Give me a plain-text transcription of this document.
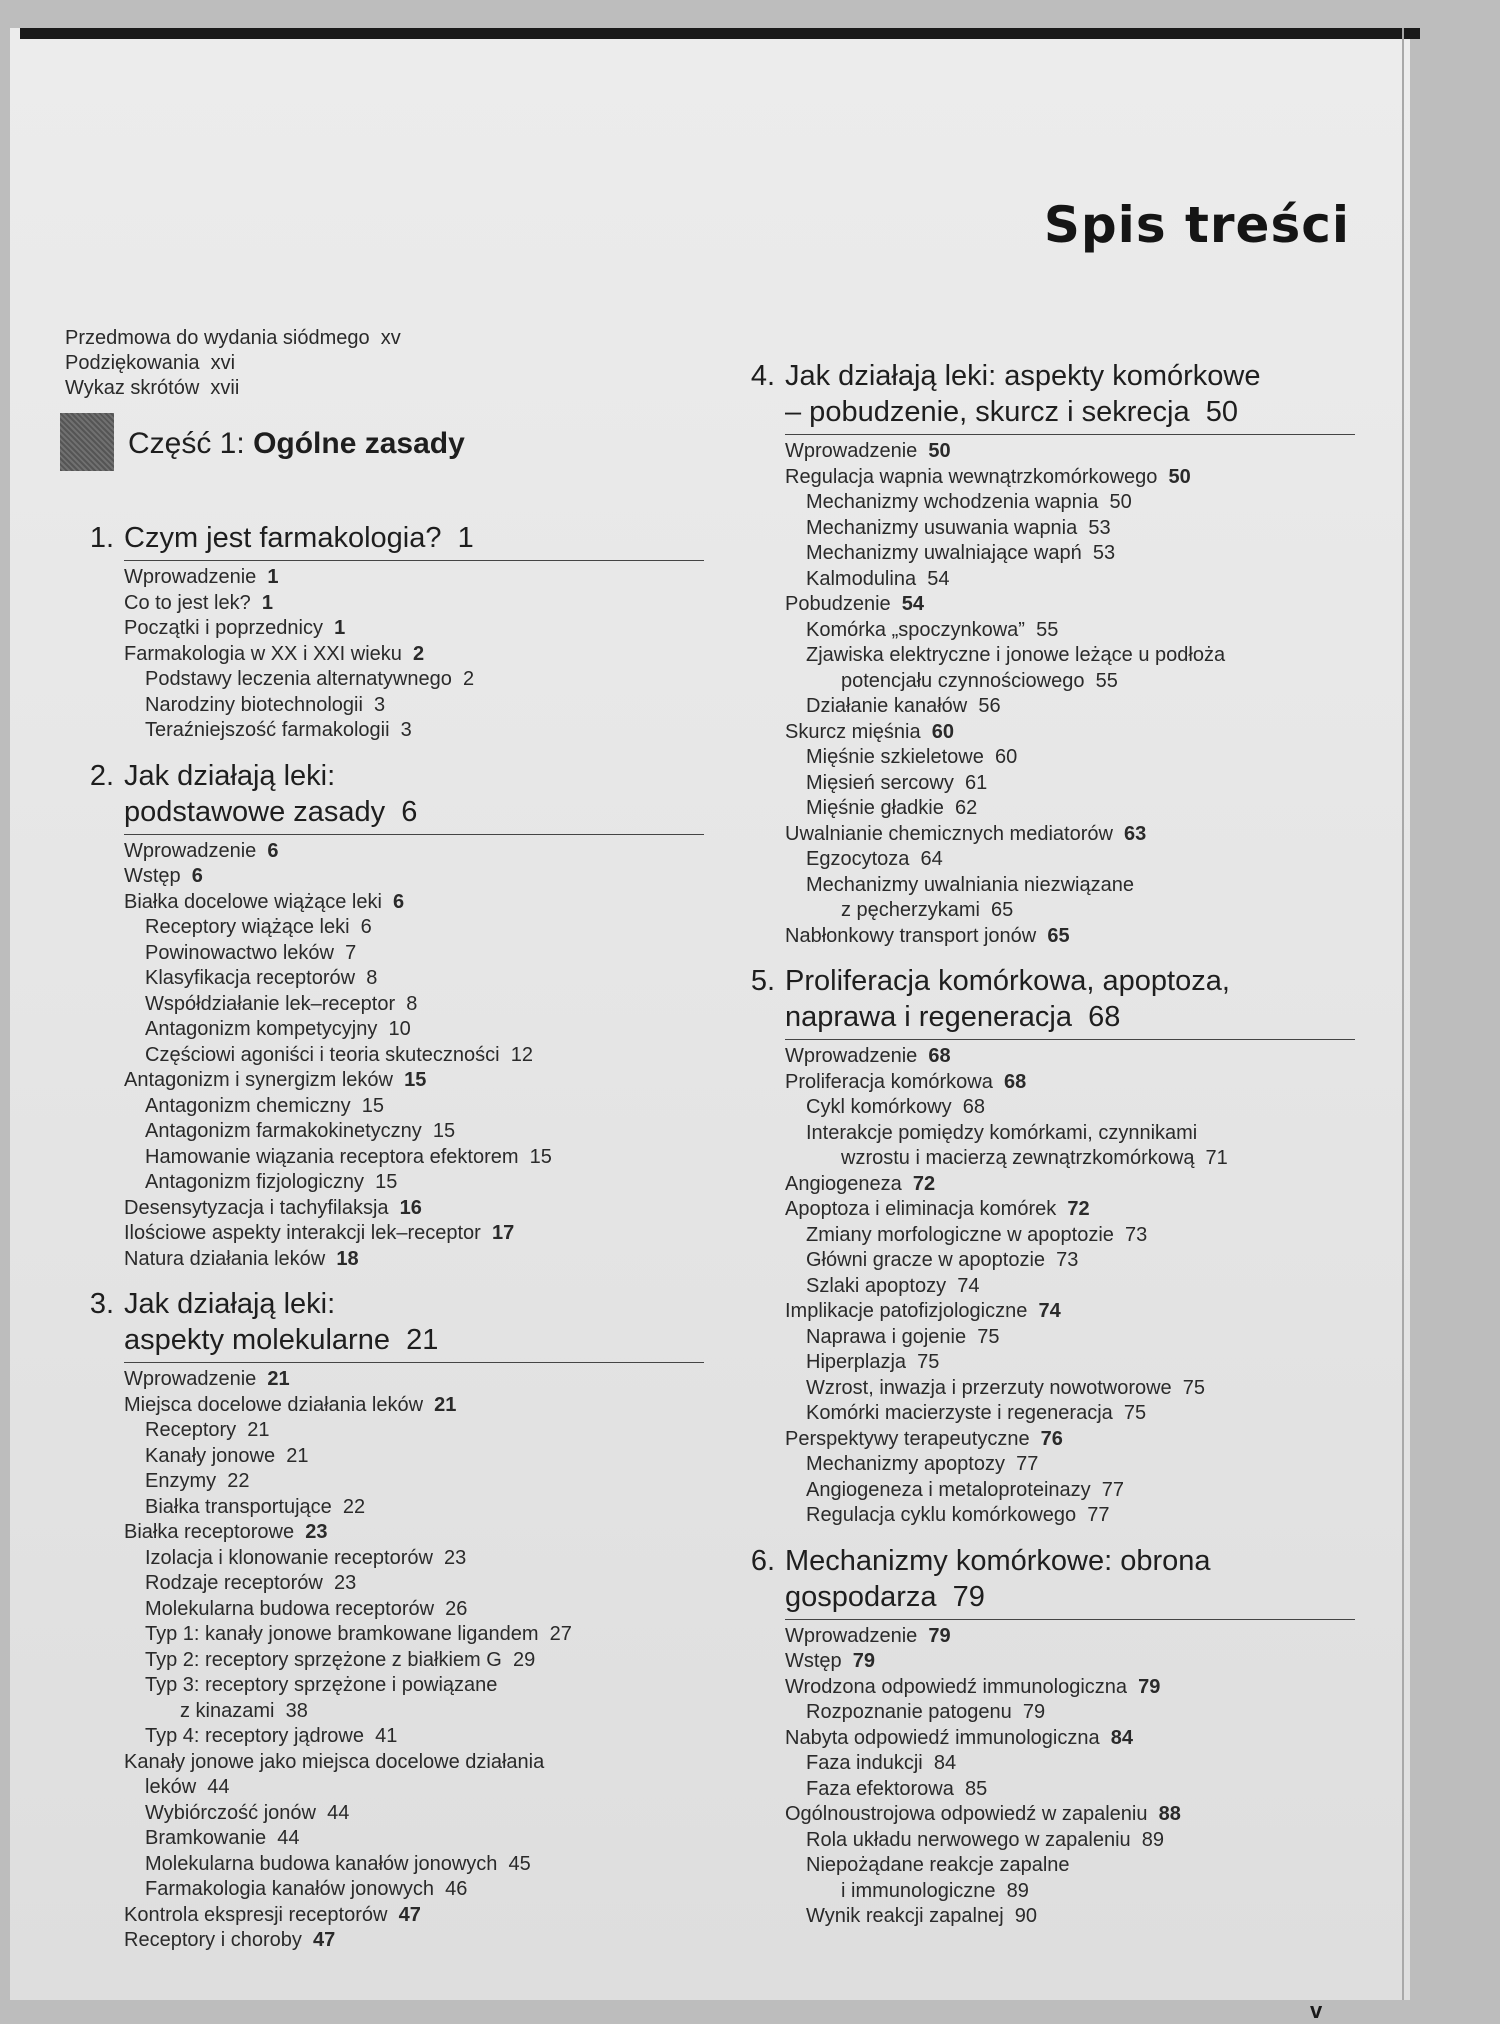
Spis treści
Przedmowa do wydania siódmego  xv
Podziękowania  xvi
Wykaz skrótów  xvii
Część 1: Ogólne zasady
1. Czym jest farmakologia?  1
Wprowadzenie  1
Co to jest lek?  1
Początki i poprzednicy  1
Farmakologia w XX i XXI wieku  2
Podstawy leczenia alternatywnego  2
Narodziny biotechnologii  3
Teraźniejszość farmakologii  3
2. Jak działają leki:
podstawowe zasady  6
Wprowadzenie  6
Wstęp  6
Białka docelowe wiążące leki  6
Receptory wiążące leki  6
Powinowactwo leków  7
Klasyfikacja receptorów  8
Współdziałanie lek–receptor  8
Antagonizm kompetycyjny  10
Częściowi agoniści i teoria skuteczności  12
Antagonizm i synergizm leków  15
Antagonizm chemiczny  15
Antagonizm farmakokinetyczny  15
Hamowanie wiązania receptora efektorem  15
Antagonizm fizjologiczny  15
Desensytyzacja i tachyfilaksja  16
Ilościowe aspekty interakcji lek–receptor  17
Natura działania leków  18
3. Jak działają leki:
aspekty molekularne  21
Wprowadzenie  21
Miejsca docelowe działania leków  21
Receptory  21
Kanały jonowe  21
Enzymy  22
Białka transportujące  22
Białka receptorowe  23
Izolacja i klonowanie receptorów  23
Rodzaje receptorów  23
Molekularna budowa receptorów  26
Typ 1: kanały jonowe bramkowane ligandem  27
Typ 2: receptory sprzężone z białkiem G  29
Typ 3: receptory sprzężone i powiązane
z kinazami  38
Typ 4: receptory jądrowe  41
Kanały jonowe jako miejsca docelowe działania
leków  44
Wybiórczość jonów  44
Bramkowanie  44
Molekularna budowa kanałów jonowych  45
Farmakologia kanałów jonowych  46
Kontrola ekspresji receptorów  47
Receptory i choroby  47
4. Jak działają leki: aspekty komórkowe
– pobudzenie, skurcz i sekrecja  50
Wprowadzenie  50
Regulacja wapnia wewnątrzkomórkowego  50
Mechanizmy wchodzenia wapnia  50
Mechanizmy usuwania wapnia  53
Mechanizmy uwalniające wapń  53
Kalmodulina  54
Pobudzenie  54
Komórka „spoczynkowa”  55
Zjawiska elektryczne i jonowe leżące u podłoża
potencjału czynnościowego  55
Działanie kanałów  56
Skurcz mięśnia  60
Mięśnie szkieletowe  60
Mięsień sercowy  61
Mięśnie gładkie  62
Uwalnianie chemicznych mediatorów  63
Egzocytoza  64
Mechanizmy uwalniania niezwiązane
z pęcherzykami  65
Nabłonkowy transport jonów  65
5. Proliferacja komórkowa, apoptoza,
naprawa i regeneracja  68
Wprowadzenie  68
Proliferacja komórkowa  68
Cykl komórkowy  68
Interakcje pomiędzy komórkami, czynnikami
wzrostu i macierzą zewnątrzkomórkową  71
Angiogeneza  72
Apoptoza i eliminacja komórek  72
Zmiany morfologiczne w apoptozie  73
Główni gracze w apoptozie  73
Szlaki apoptozy  74
Implikacje patofizjologiczne  74
Naprawa i gojenie  75
Hiperplazja  75
Wzrost, inwazja i przerzuty nowotworowe  75
Komórki macierzyste i regeneracja  75
Perspektywy terapeutyczne  76
Mechanizmy apoptozy  77
Angiogeneza i metaloproteinazy  77
Regulacja cyklu komórkowego  77
6. Mechanizmy komórkowe: obrona
gospodarza  79
Wprowadzenie  79
Wstęp  79
Wrodzona odpowiedź immunologiczna  79
Rozpoznanie patogenu  79
Nabyta odpowiedź immunologiczna  84
Faza indukcji  84
Faza efektorowa  85
Ogólnoustrojowa odpowiedź w zapaleniu  88
Rola układu nerwowego w zapaleniu  89
Niepożądane reakcje zapalne
i immunologiczne  89
Wynik reakcji zapalnej  90
v
